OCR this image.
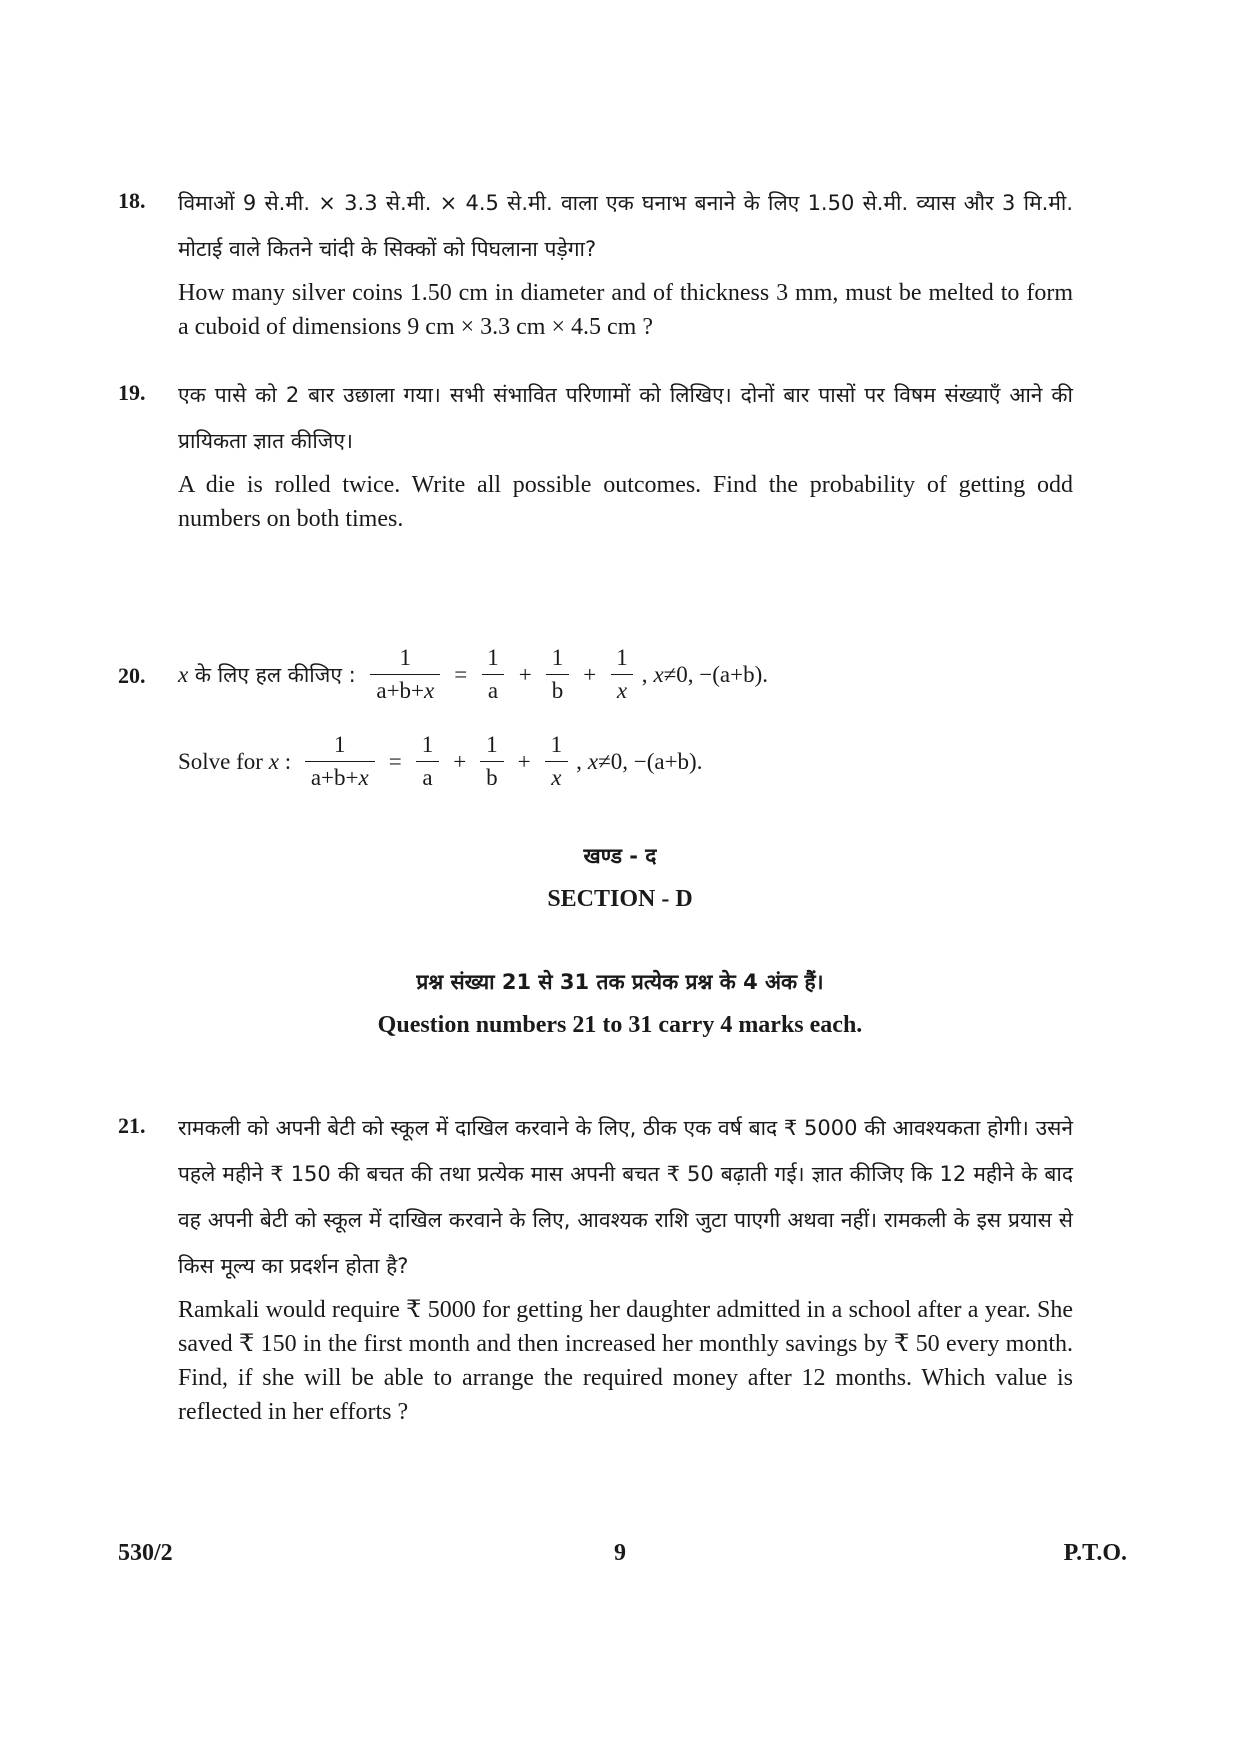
18. विमाओं 9 से.मी. × 3.3 से.मी. × 4.5 से.मी. वाला एक घनाभ बनाने के लिए 1.50 से.मी. व्यास और 3 मि.मी. मोटाई वाले कितने चांदी के सिक्कों को पिघलाना पड़ेगा?
How many silver coins 1.50 cm in diameter and of thickness 3 mm, must be melted to form a cuboid of dimensions 9 cm × 3.3 cm × 4.5 cm ?
19. एक पासे को 2 बार उछाला गया। सभी संभावित परिणामों को लिखिए। दोनों बार पासों पर विषम संख्याएँ आने की प्रायिकता ज्ञात कीजिए।
A die is rolled twice. Write all possible outcomes. Find the probability of getting odd numbers on both times.
20. x के लिए हल कीजिए : $\frac{1}{a+b+x} = \frac{1}{a} + \frac{1}{b} + \frac{1}{x}$ , x ≠0, −(a+b).
Solve for x : $\frac{1}{a+b+x} = \frac{1}{a} + \frac{1}{b} + \frac{1}{x}$ , x ≠0, −(a+b).
खण्ड - द
SECTION - D
प्रश्न संख्या 21 से 31 तक प्रत्येक प्रश्न के 4 अंक हैं।
Question numbers 21 to 31 carry 4 marks each.
21. रामकली को अपनी बेटी को स्कूल में दाखिल करवाने के लिए, ठीक एक वर्ष बाद ₹ 5000 की आवश्यकता होगी। उसने पहले महीने ₹ 150 की बचत की तथा प्रत्येक मास अपनी बचत ₹ 50 बढ़ाती गई। ज्ञात कीजिए कि 12 महीने के बाद वह अपनी बेटी को स्कूल में दाखिल करवाने के लिए, आवश्यक राशि जुटा पाएगी अथवा नहीं। रामकली के इस प्रयास से किस मूल्य का प्रदर्शन होता है?
Ramkali would require ₹ 5000 for getting her daughter admitted in a school after a year. She saved ₹ 150 in the first month and then increased her monthly savings by ₹ 50 every month. Find, if she will be able to arrange the required money after 12 months. Which value is reflected in her efforts ?
530/2	9	P.T.O.
